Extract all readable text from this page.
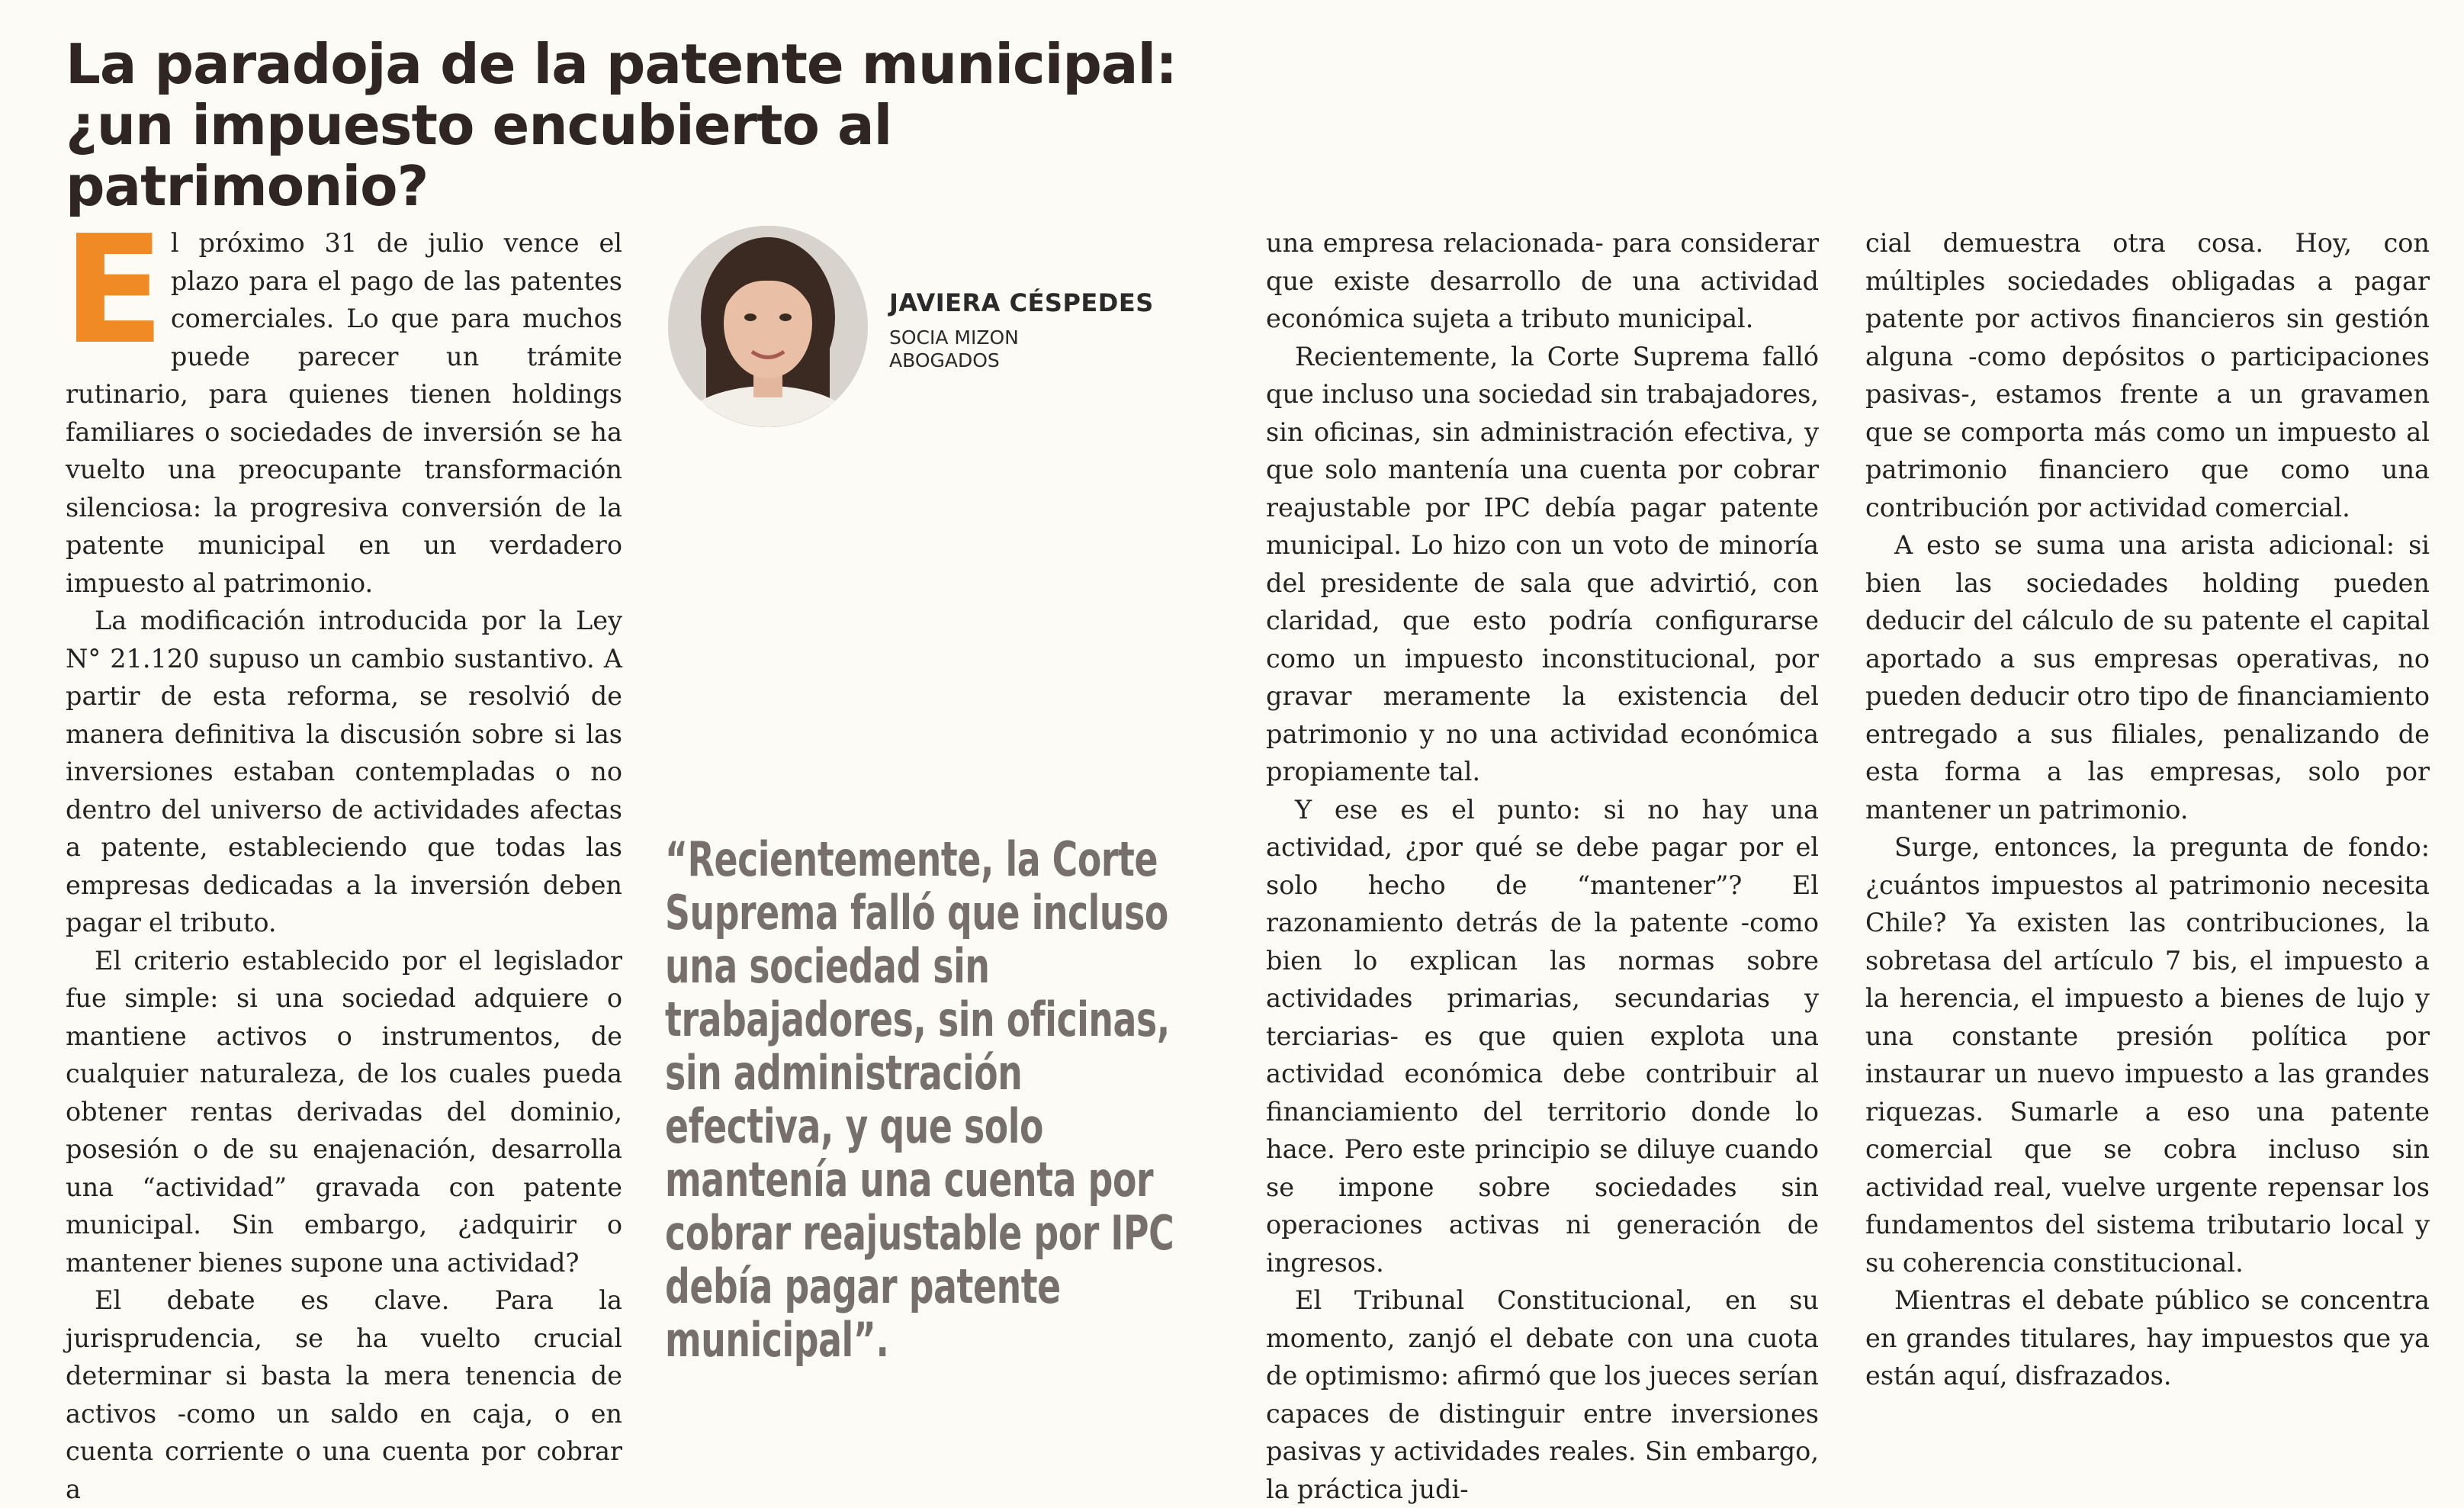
La paradoja de la patente municipal: ¿un impuesto encubierto al patrimonio?

El próximo 31 de julio vence el plazo para el pago de las patentes comerciales. Lo que para muchos puede parecer un trámite rutinario, para quienes tienen holdings familiares o sociedades de inversión se ha vuelto una preocupante transformación silenciosa: la progresiva conversión de la patente municipal en un verdadero impuesto al patrimonio.

La modificación introducida por la Ley N° 21.120 supuso un cambio sustantivo. A partir de esta reforma, se resolvió de manera definitiva la discusión sobre si las inversiones estaban contempladas o no dentro del universo de actividades afectas a patente, estableciendo que todas las empresas dedicadas a la inversión deben pagar el tributo.

El criterio establecido por el legislador fue simple: si una sociedad adquiere o mantiene activos o instrumentos, de cualquier naturaleza, de los cuales pueda obtener rentas derivadas del dominio, posesión o de su enajenación, desarrolla una “actividad” gravada con patente municipal. Sin embargo, ¿adquirir o mantener bienes supone una actividad?

El debate es clave. Para la jurisprudencia, se ha vuelto crucial determinar si basta la mera tenencia de activos -como un saldo en caja, o en cuenta corriente o una cuenta por cobrar a

JAVIERA CÉSPEDES
SOCIA MIZON ABOGADOS
“Recientemente, la Corte Suprema falló que incluso una sociedad sin trabajadores, sin oficinas, sin administración efectiva, y que solo mantenía una cuenta por cobrar reajustable por IPC debía pagar patente municipal”.

una empresa relacionada- para considerar que existe desarrollo de una actividad económica sujeta a tributo municipal.

Recientemente, la Corte Suprema falló que incluso una sociedad sin trabajadores, sin oficinas, sin administración efectiva, y que solo mantenía una cuenta por cobrar reajustable por IPC debía pagar patente municipal. Lo hizo con un voto de minoría del presidente de sala que advirtió, con claridad, que esto podría configurarse como un impuesto inconstitucional, por gravar meramente la existencia del patrimonio y no una actividad económica propiamente tal.

Y ese es el punto: si no hay una actividad, ¿por qué se debe pagar por el solo hecho de “mantener”? El razonamiento detrás de la patente -como bien lo explican las normas sobre actividades primarias, secundarias y terciarias- es que quien explota una actividad económica debe contribuir al financiamiento del territorio donde lo hace. Pero este principio se diluye cuando se impone sobre sociedades sin operaciones activas ni generación de ingresos.

El Tribunal Constitucional, en su momento, zanjó el debate con una cuota de optimismo: afirmó que los jueces serían capaces de distinguir entre inversiones pasivas y actividades reales. Sin embargo, la práctica judi-

cial demuestra otra cosa. Hoy, con múltiples sociedades obligadas a pagar patente por activos financieros sin gestión alguna -como depósitos o participaciones pasivas-, estamos frente a un gravamen que se comporta más como un impuesto al patrimonio financiero que como una contribución por actividad comercial.

A esto se suma una arista adicional: si bien las sociedades holding pueden deducir del cálculo de su patente el capital aportado a sus empresas operativas, no pueden deducir otro tipo de financiamiento entregado a sus filiales, penalizando de esta forma a las empresas, solo por mantener un patrimonio.

Surge, entonces, la pregunta de fondo: ¿cuántos impuestos al patrimonio necesita Chile? Ya existen las contribuciones, la sobretasa del artículo 7 bis, el impuesto a la herencia, el impuesto a bienes de lujo y una constante presión política por instaurar un nuevo impuesto a las grandes riquezas. Sumarle a eso una patente comercial que se cobra incluso sin actividad real, vuelve urgente repensar los fundamentos del sistema tributario local y su coherencia constitucional.

Mientras el debate público se concentra en grandes titulares, hay impuestos que ya están aquí, disfrazados.
